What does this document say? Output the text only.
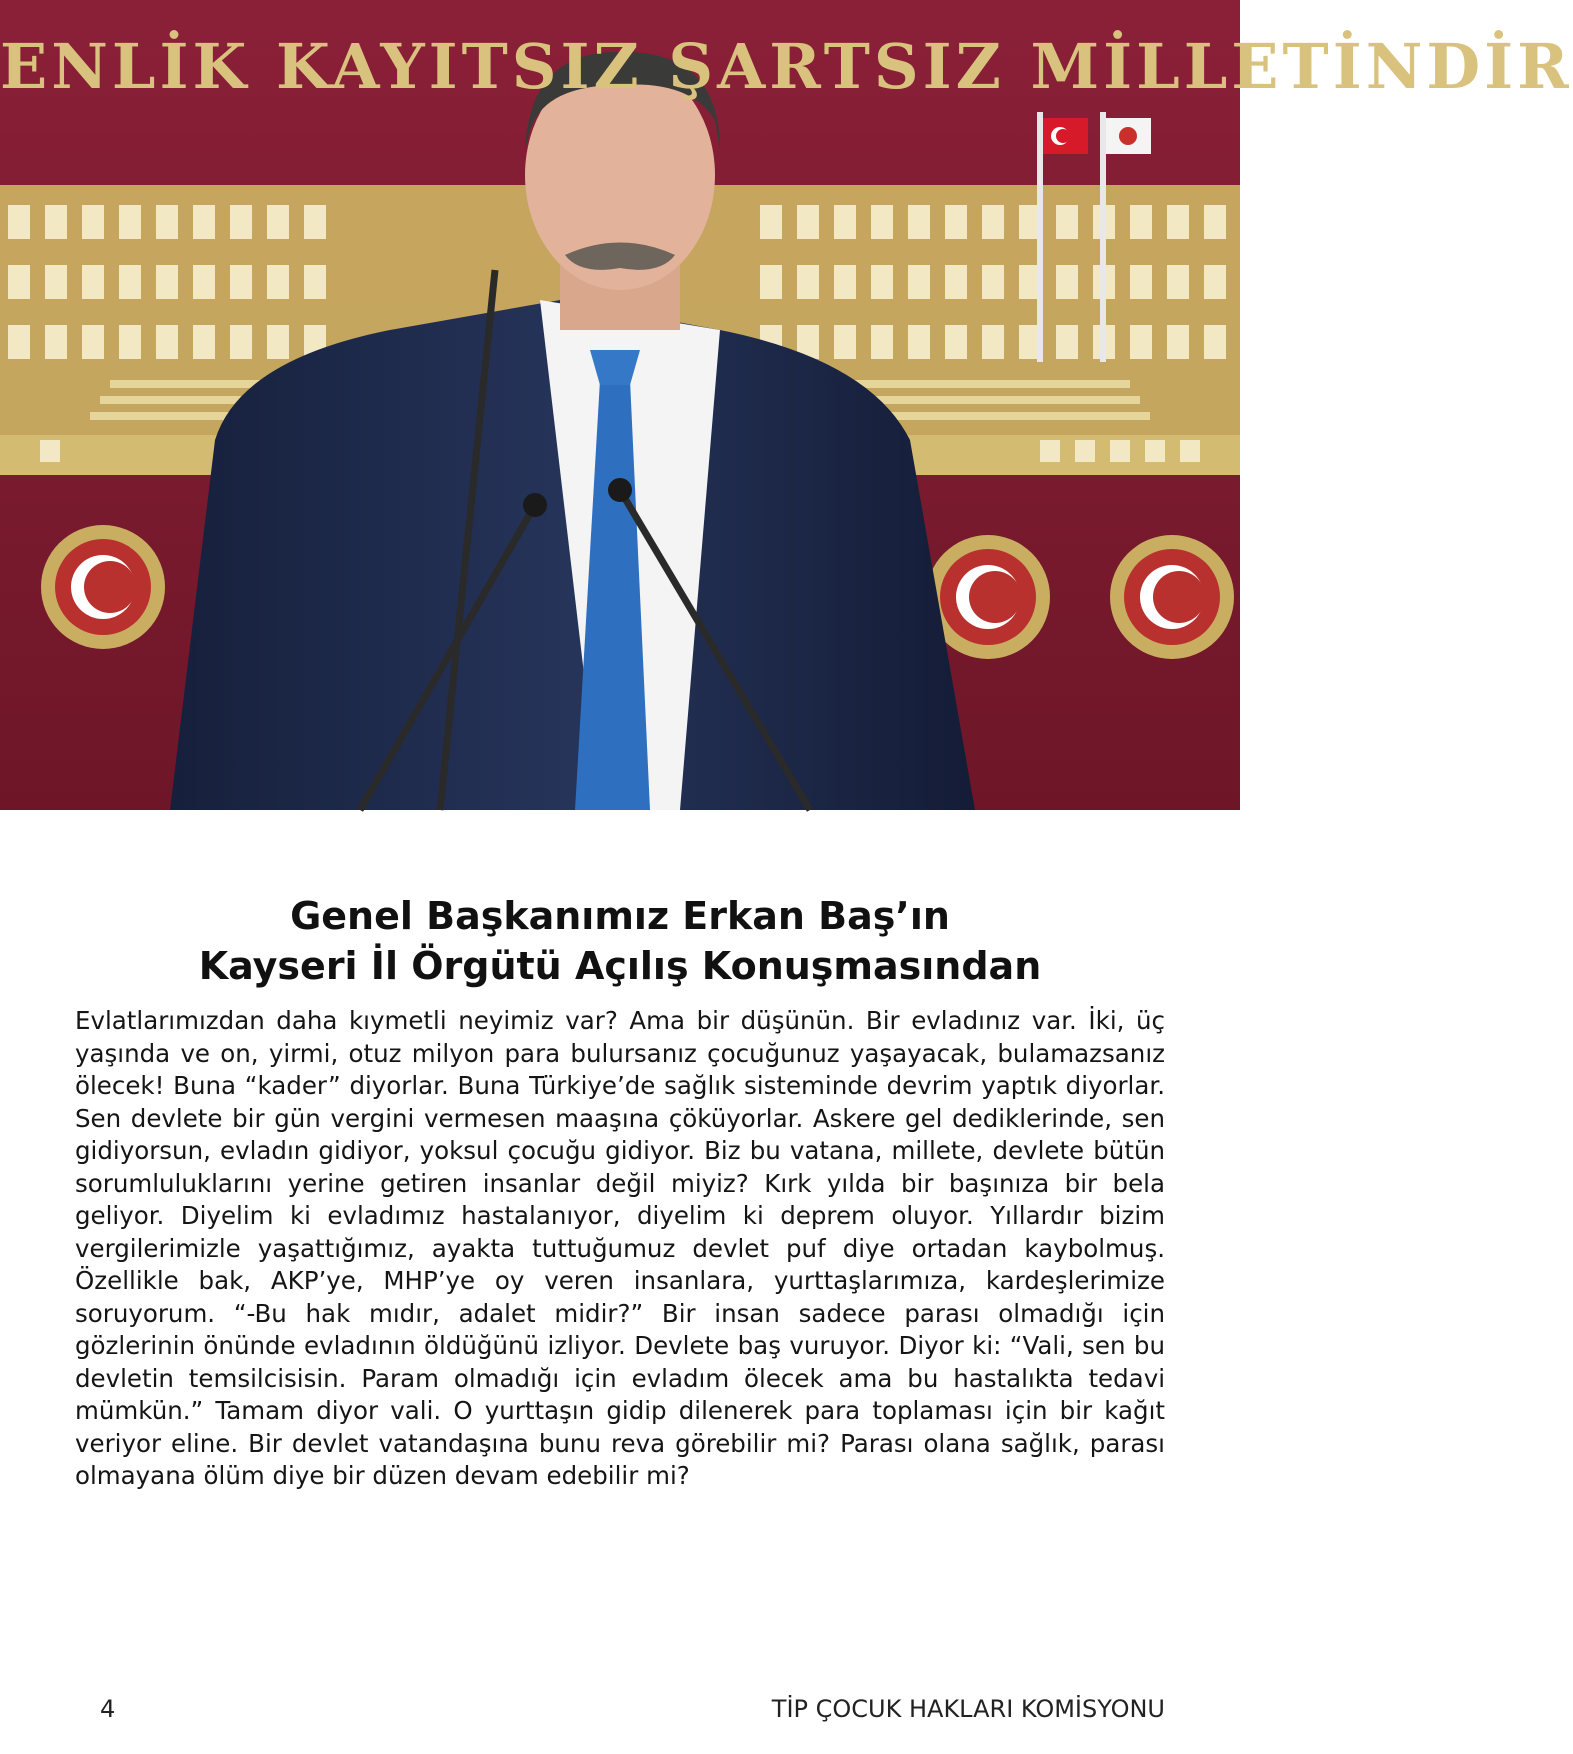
ENLİK KAYITSIZ ŞARTSIZ MİLLETİNDİR
Genel Başkanımız Erkan Baş’ın
Kayseri İl Örgütü Açılış Konuşmasından

Evlatlarımızdan daha kıymetli neyimiz var? Ama bir düşünün. Bir evladınız var. İki, üç yaşında ve on, yirmi, otuz milyon para bulursanız çocuğunuz yaşayacak, bulamazsanız ölecek! Buna “kader” diyorlar. Buna Türkiye’de sağlık sisteminde devrim yaptık diyorlar. Sen devlete bir gün vergini vermesen maaşına çöküyorlar. Askere gel dediklerinde, sen gidiyorsun, evladın gidiyor, yoksul çocuğu gidiyor. Biz bu vatana, millete, devlete bütün sorumluluklarını yerine getiren insanlar değil miyiz? Kırk yılda bir başınıza bir bela geliyor. Diyelim ki evladımız hastalanıyor, diyelim ki deprem oluyor. Yıllardır bizim vergilerimizle yaşattığımız, ayakta tuttuğumuz devlet puf diye ortadan kaybolmuş. Özellikle bak, AKP’ye, MHP’ye oy veren insanlara, yurttaşlarımıza, kardeşlerimize soruyorum. “-Bu hak mıdır, adalet midir?” Bir insan sadece parası olmadığı için gözlerinin önünde evladının öldüğünü izliyor. Devlete baş vuruyor. Diyor ki: “Vali, sen bu devletin temsilcisisin. Param olmadığı için evladım ölecek ama bu hastalıkta tedavi mümkün.” Tamam diyor vali. O yurttaşın gidip dilenerek para toplaması için bir kağıt veriyor eline. Bir devlet vatandaşına bunu reva görebilir mi? Parası olana sağlık, parası olmayana ölüm diye bir düzen devam edebilir mi?

4	TİP ÇOCUK HAKLARI KOMİSYONU
